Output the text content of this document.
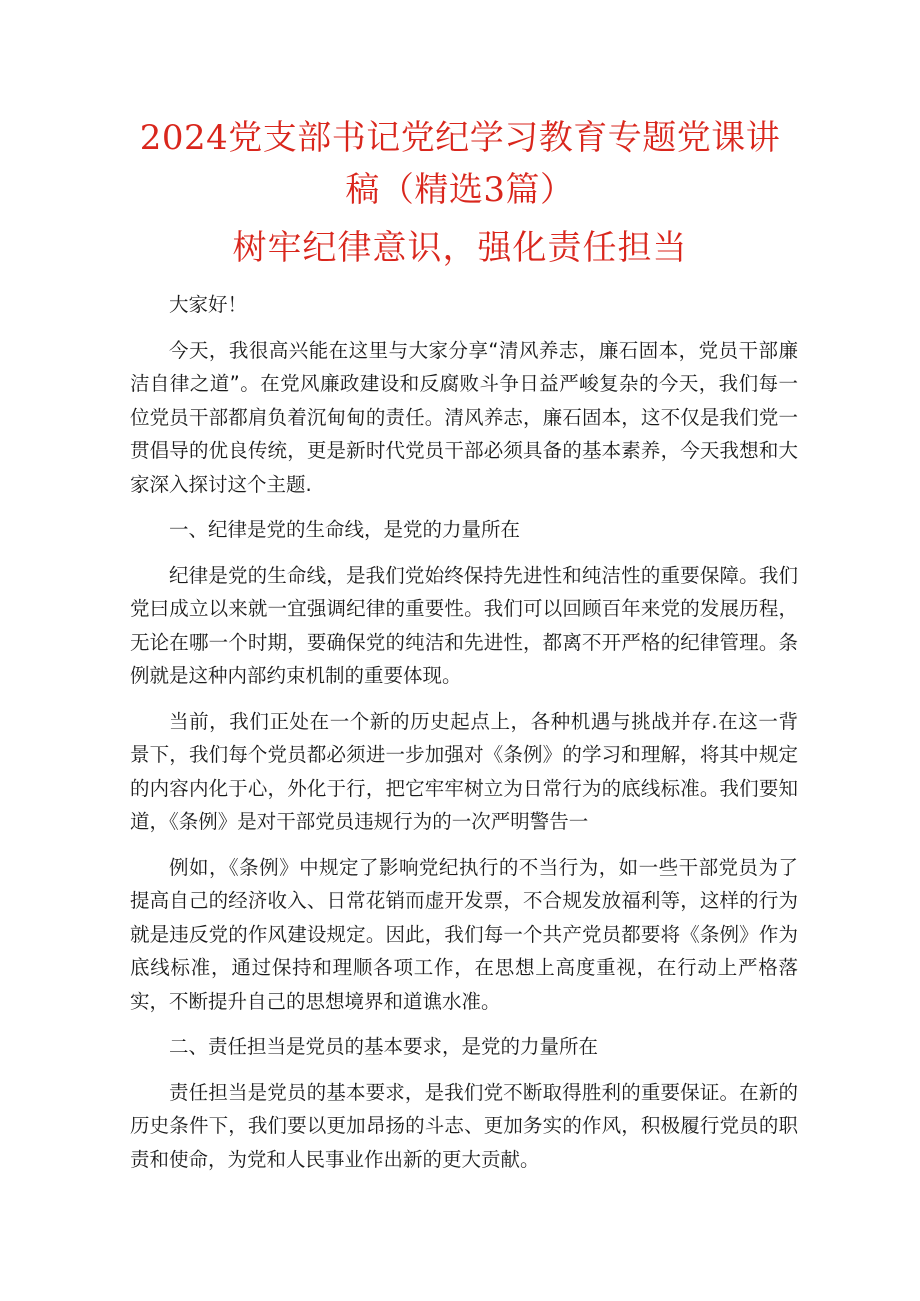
2024党支部书记党纪学习教育专题党课讲稿（精选3篇）
树牢纪律意识，强化责任担当

大家好！

今天，我很高兴能在这里与大家分享“清风养志，廉石固本，党员干部廉洁自律之道”。在党风廉政建设和反腐败斗争日益严峻复杂的今天，我们每一位党员干部都肩负着沉甸甸的责任。清风养志，廉石固本，这不仅是我们党一贯倡导的优良传统，更是新时代党员干部必须具备的基本素养，今天我想和大家深入探讨这个主题.

一、纪律是党的生命线，是党的力量所在

纪律是党的生命线，是我们党始终保持先进性和纯洁性的重要保障。我们党曰成立以来就一宜强调纪律的重要性。我们可以回顾百年来党的发展历程，无论在哪一个时期，要确保党的纯洁和先进性，都离不开严格的纪律管理。条例就是这种内部约束机制的重要体现。

当前，我们正处在一个新的历史起点上，各种机遇与挑战并存.在这一背景下，我们每个党员都必须进一步加强对《条例》的学习和理解，将其中规定的内容内化于心，外化于行，把它牢牢树立为日常行为的底线标准。我们要知道，《条例》是对干部党员违规行为的一次严明警告一

例如，《条例》中规定了影响党纪执行的不当行为，如一些干部党员为了提高自己的经济收入、日常花销而虚开发票，不合规发放福利等，这样的行为就是违反党的作风建设规定。因此，我们每一个共产党员都要将《条例》作为底线标准，通过保持和理顺各项工作，在思想上高度重视，在行动上严格落实，不断提升自己的思想境界和道谯水准。

二、责任担当是党员的基本要求，是党的力量所在

责任担当是党员的基本要求，是我们党不断取得胜利的重要保证。在新的历史条件下，我们要以更加昂扬的斗志、更加务实的作风，积极履行党员的职责和使命，为党和人民事业作出新的更大贡献。
